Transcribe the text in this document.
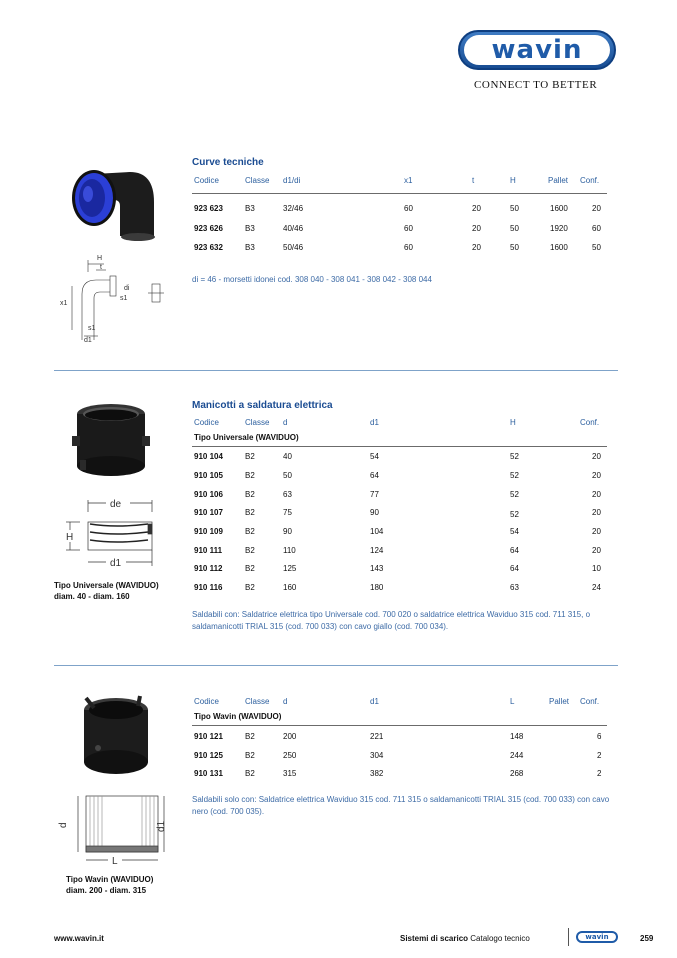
wavin
CONNECT TO BETTER
H
t
di
x1
s1
s1
d1
Curve tecniche
Codice	Classe d1/di	x1	t	H	Pallet Conf.
923 623	B3	32/46	60	20	50	1600	20
923 626	B3	40/46	60	20	50	1920	60
923 632	B3	50/46	60	20	50	1600	50
di = 46 - morsetti idonei cod. 308 040 - 308 041 - 308 042 - 308 044
de
H
d1
Tipo Universale (WAVIDUO)
diam. 40 - diam. 160
Manicotti a saldatura elettrica
Codice	Classe d	d1	H	Conf.
Tipo Universale (WAVIDUO)
910 104	B2	40	54	52	20
910 105	B2	50	64	52	20
910 106	B2	63	77	52	20
910 107	B2	75	90	52	20
910 109	B2	90	104	54	20
910 111	B2	110	124	64	20
910 112	B2	125	143	64	10
910 116	B2	160	180	63	24
Saldabili con: Saldatrice elettrica tipo Universale cod. 700 020 o saldatrice elettrica Waviduo 315 cod. 711 315, o saldamanicotti TRIAL 315 (cod. 700 033) con cavo giallo (cod. 700 034).
d	d1
L
Tipo Wavin (WAVIDUO)
diam. 200 - diam. 315
Codice	Classe d	d1	L	Pallet Conf.
Tipo Wavin (WAVIDUO)
910 121	B2	200	221	148	6
910 125	B2	250	304	244	2
910 131	B2	315	382	268	2
Saldabili solo con: Saldatrice elettrica Waviduo 315 cod. 711 315 o saldamanicotti TRIAL 315 (cod. 700 033) con cavo nero (cod. 700 035).
www.wavin.it	Sistemi di scarico Catalogo tecnico	wavin	259
